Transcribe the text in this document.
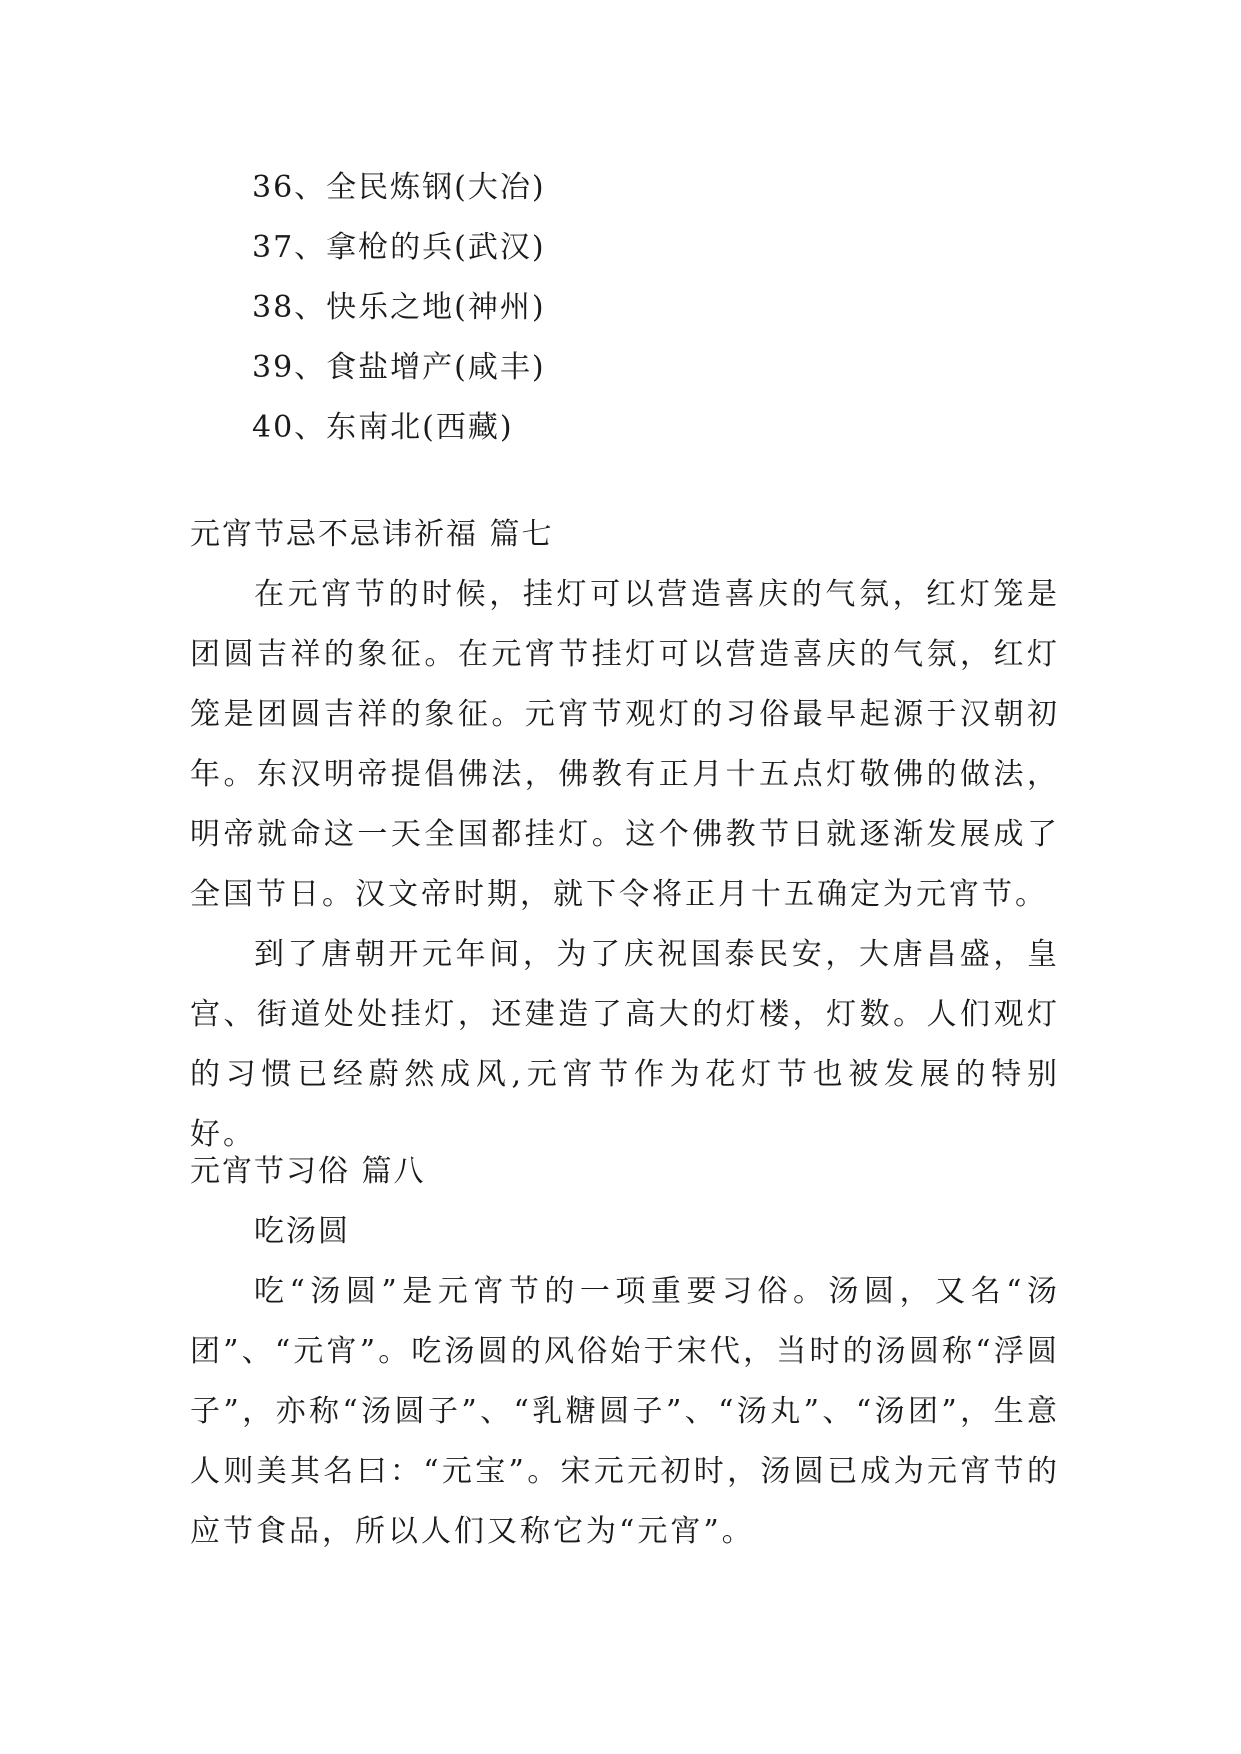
36、全民炼钢(大冶)
37、拿枪的兵(武汉)
38、快乐之地(神州)
39、食盐增产(咸丰)
40、东南北(西藏)
元宵节忌不忌讳祈福 篇七

在元宵节的时候，挂灯可以营造喜庆的气氛，红灯笼是团圆吉祥的象征。在元宵节挂灯可以营造喜庆的气氛，红灯笼是团圆吉祥的象征。元宵节观灯的习俗最早起源于汉朝初年。东汉明帝提倡佛法，佛教有正月十五点灯敬佛的做法，明帝就命这一天全国都挂灯。这个佛教节日就逐渐发展成了全国节日。汉文帝时期，就下令将正月十五确定为元宵节。

到了唐朝开元年间，为了庆祝国泰民安，大唐昌盛，皇宫、街道处处挂灯，还建造了高大的灯楼，灯数。人们观灯的习惯已经蔚然成风,元宵节作为花灯节也被发展的特别好。

元宵节习俗 篇八
吃汤圆

吃“汤圆”是元宵节的一项重要习俗。汤圆，又名“汤团”、“元宵”。吃汤圆的风俗始于宋代，当时的汤圆称“浮圆子”，亦称“汤圆子”、“乳糖圆子”、“汤丸”、“汤团”，生意人则美其名曰：“元宝”。宋元元初时，汤圆已成为元宵节的应节食品，所以人们又称它为“元宵”。
